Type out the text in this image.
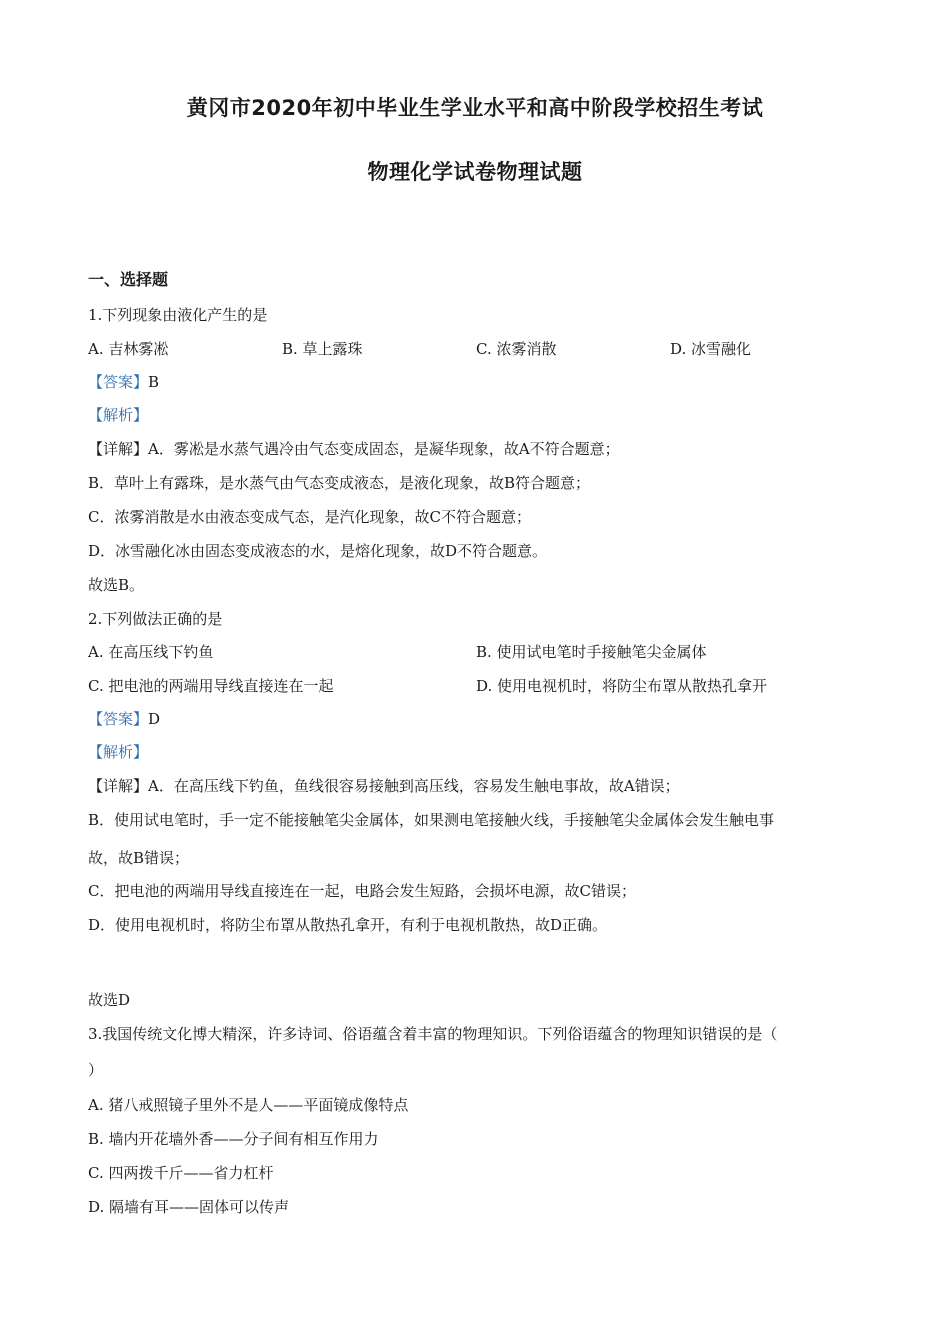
黄冈市2020年初中毕业生学业水平和高中阶段学校招生考试
物理化学试卷物理试题
一、选择题
1.下列现象由液化产生的是
A. 吉林雾凇	B. 草上露珠	C. 浓雾消散	D. 冰雪融化
【答案】B
【解析】
【详解】A．雾凇是水蒸气遇冷由气态变成固态，是凝华现象，故A不符合题意；
B．草叶上有露珠，是水蒸气由气态变成液态，是液化现象，故B符合题意；
C．浓雾消散是水由液态变成气态，是汽化现象，故C不符合题意；
D．冰雪融化冰由固态变成液态的水，是熔化现象，故D不符合题意。
故选B。
2.下列做法正确的是
A. 在高压线下钓鱼	B. 使用试电笔时手接触笔尖金属体
C. 把电池的两端用导线直接连在一起	D. 使用电视机时，将防尘布罩从散热孔拿开
【答案】D
【解析】
【详解】A．在高压线下钓鱼，鱼线很容易接触到高压线，容易发生触电事故，故A错误；
B．使用试电笔时，手一定不能接触笔尖金属体，如果测电笔接触火线，手接触笔尖金属体会发生触电事
故，故B错误；
C．把电池的两端用导线直接连在一起，电路会发生短路，会损坏电源，故C错误；
D．使用电视机时，将防尘布罩从散热孔拿开，有利于电视机散热，故D正确。
故选D
3.我国传统文化博大精深，许多诗词、俗语蕴含着丰富的物理知识。下列俗语蕴含的物理知识错误的是（
）
A. 猪八戒照镜子里外不是人——平面镜成像特点
B. 墙内开花墙外香——分子间有相互作用力
C. 四两拨千斤——省力杠杆
D. 隔墙有耳——固体可以传声
